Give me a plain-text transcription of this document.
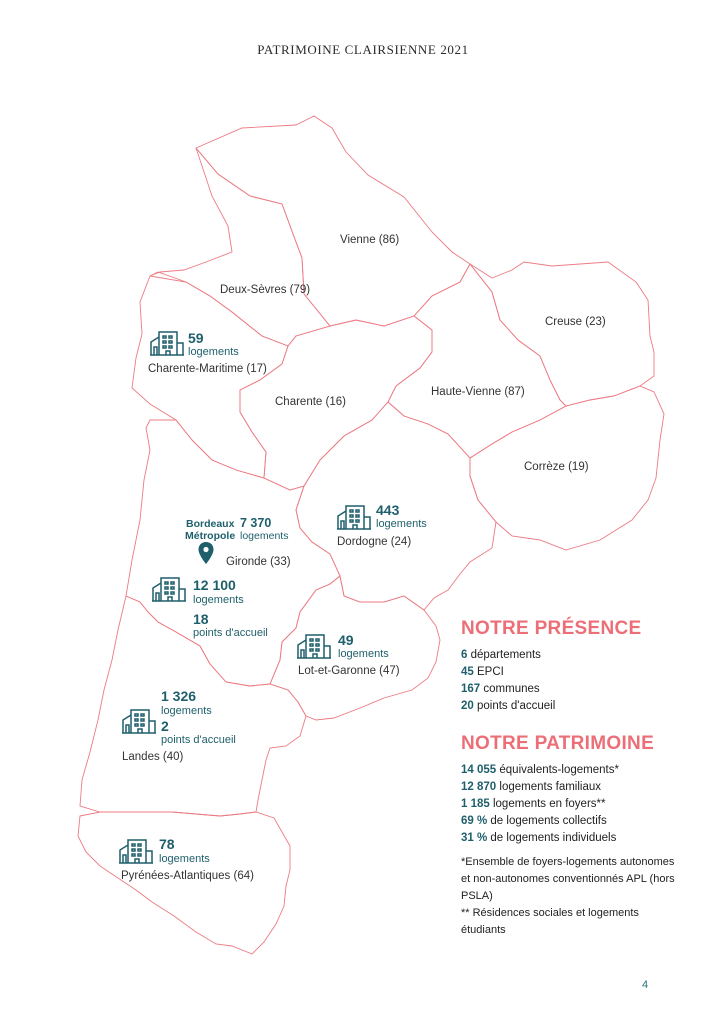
PATRIMOINE CLAIRSIENNE 2021
Vienne (86)
Deux-Sèvres (79)
Creuse (23)
Charente-Maritime (17)
Charente (16)
Haute-Vienne (87)
Corrèze (19)
Dordogne (24)
Gironde (33)
Lot-et-Garonne (47)
Landes (40)
Pyrénées-Atlantiques (64)
59
logements
443
logements
Bordeaux
Métropole
7 370
logements
12 100
logements
18
points d'accueil	49
logements
1 326
logements
2
points d'accueil
78
logements
NOTRE PRÉSENCE
6 départements
45 EPCI
167 communes
20 points d'accueil
NOTRE PATRIMOINE
14 055 équivalents-logements*
12 870 logements familiaux
1 185 logements en foyers**
69 % de logements collectifs
31 % de logements individuels
*Ensemble de foyers-logements autonomes et non-autonomes conventionnés APL (hors PSLA)
** Résidences sociales et logements étudiants
4
